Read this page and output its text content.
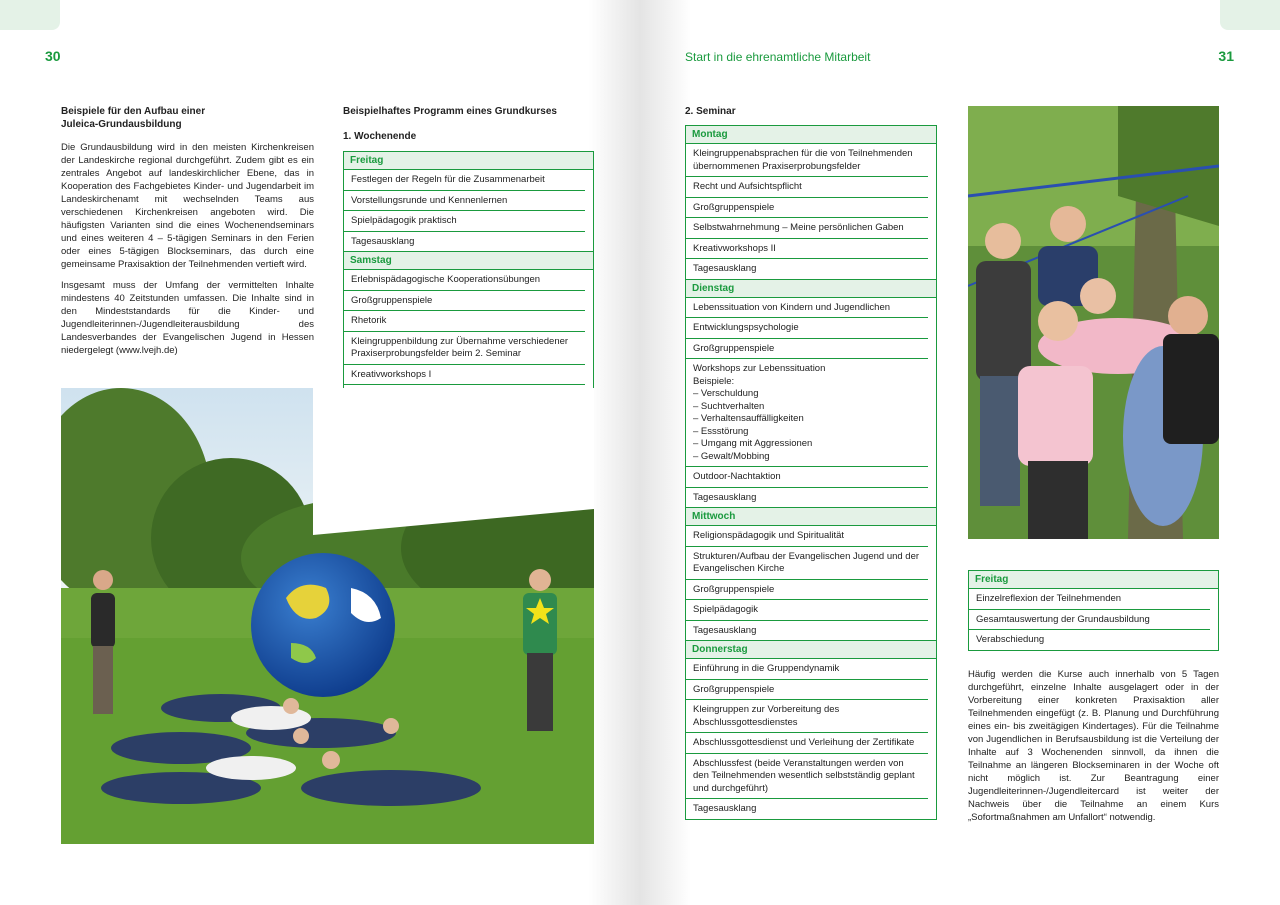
30
Beispiele für den Aufbau einer Juleica-Grundausbildung

Die Grundausbildung wird in den meisten Kirchenkreisen der Landeskirche regional durchgeführt. Zudem gibt es ein zentrales Angebot auf landeskirchlicher Ebene, das in Kooperation des Fachgebietes Kinder- und Jugendarbeit im Landeskirchenamt mit wechselnden Teams aus verschiedenen Kirchenkreisen angeboten wird. Die häufigsten Varianten sind die eines Wochenendseminars und eines weiteren 4 – 5-tägigen Seminars in den Ferien oder eines 5-tägigen Blockseminars, das durch eine gemeinsame Praxisaktion der Teilnehmenden vertieft wird.

Insgesamt muss der Umfang der vermittelten Inhalte mindestens 40 Zeitstunden umfassen. Die Inhalte sind in den Mindeststandards für die Kinder- und Jugendleiterinnen-/Jugendleiterausbildung des Landesverbandes der Evangelischen Jugend in Hessen niedergelegt (www.lvejh.de)

Beispielhaftes Programm eines Grundkurses
1. Wochenende
Freitag
Festlegen der Regeln für die Zusammenarbeit
Vorstellungsrunde und Kennenlernen
Spielpädagogik praktisch
Tagesausklang
Samstag
Erlebnispädagogische Kooperationsübungen
Großgruppenspiele
Rhetorik
Kleingruppenbildung zur Übernahme verschiedener Praxiserprobungsfelder beim 2. Seminar
Kreativworkshops I
Start in die ehrenamtliche Mitarbeit	31
2. Seminar
Montag
Kleingruppenabsprachen für die von Teilnehmenden übernommenen Praxiserprobungsfelder
Recht und Aufsichtspflicht
Großgruppenspiele
Selbstwahrnehmung – Meine persönlichen Gaben
Kreativworkshops II
Tagesausklang
Dienstag
Lebenssituation von Kindern und Jugendlichen
Entwicklungspsychologie
Großgruppenspiele
Workshops zur Lebenssituation
Beispiele:
– Verschuldung
– Suchtverhalten
– Verhaltensauffälligkeiten
– Essstörung
– Umgang mit Aggressionen
– Gewalt/Mobbing
Outdoor-Nachtaktion
Tagesausklang
Mittwoch
Religionspädagogik und Spiritualität
Strukturen/Aufbau der Evangelischen Jugend und der Evangelischen Kirche
Großgruppenspiele
Spielpädagogik
Tagesausklang
Donnerstag
Einführung in die Gruppendynamik
Großgruppenspiele
Kleingruppen zur Vorbereitung des Abschlussgottesdienstes
Abschlussgottesdienst und Verleihung der Zertifikate
Abschlussfest (beide Veranstaltungen werden von den Teilnehmenden wesentlich selbstständig geplant und durchgeführt)
Tagesausklang
Freitag
Einzelreflexion der Teilnehmenden
Gesamtauswertung der Grundausbildung
Verabschiedung
Häufig werden die Kurse auch innerhalb von 5 Tagen durchgeführt, einzelne Inhalte ausgelagert oder in der Vorbereitung einer konkreten Praxisaktion aller Teilnehmenden eingefügt (z. B. Planung und Durchführung eines ein- bis zweitägigen Kindertages). Für die Teilnahme von Jugendlichen in Berufsausbildung ist die Verteilung der Inhalte auf 3 Wochenenden sinnvoll, da ihnen die Teilnahme an längeren Blockseminaren in der Woche oft nicht möglich ist. Zur Beantragung einer Jugendleiterinnen-/Jugendleitercard ist weiter der Nachweis über die Teilnahme an einem Kurs „Sofortmaßnahmen am Unfallort“ notwendig.
